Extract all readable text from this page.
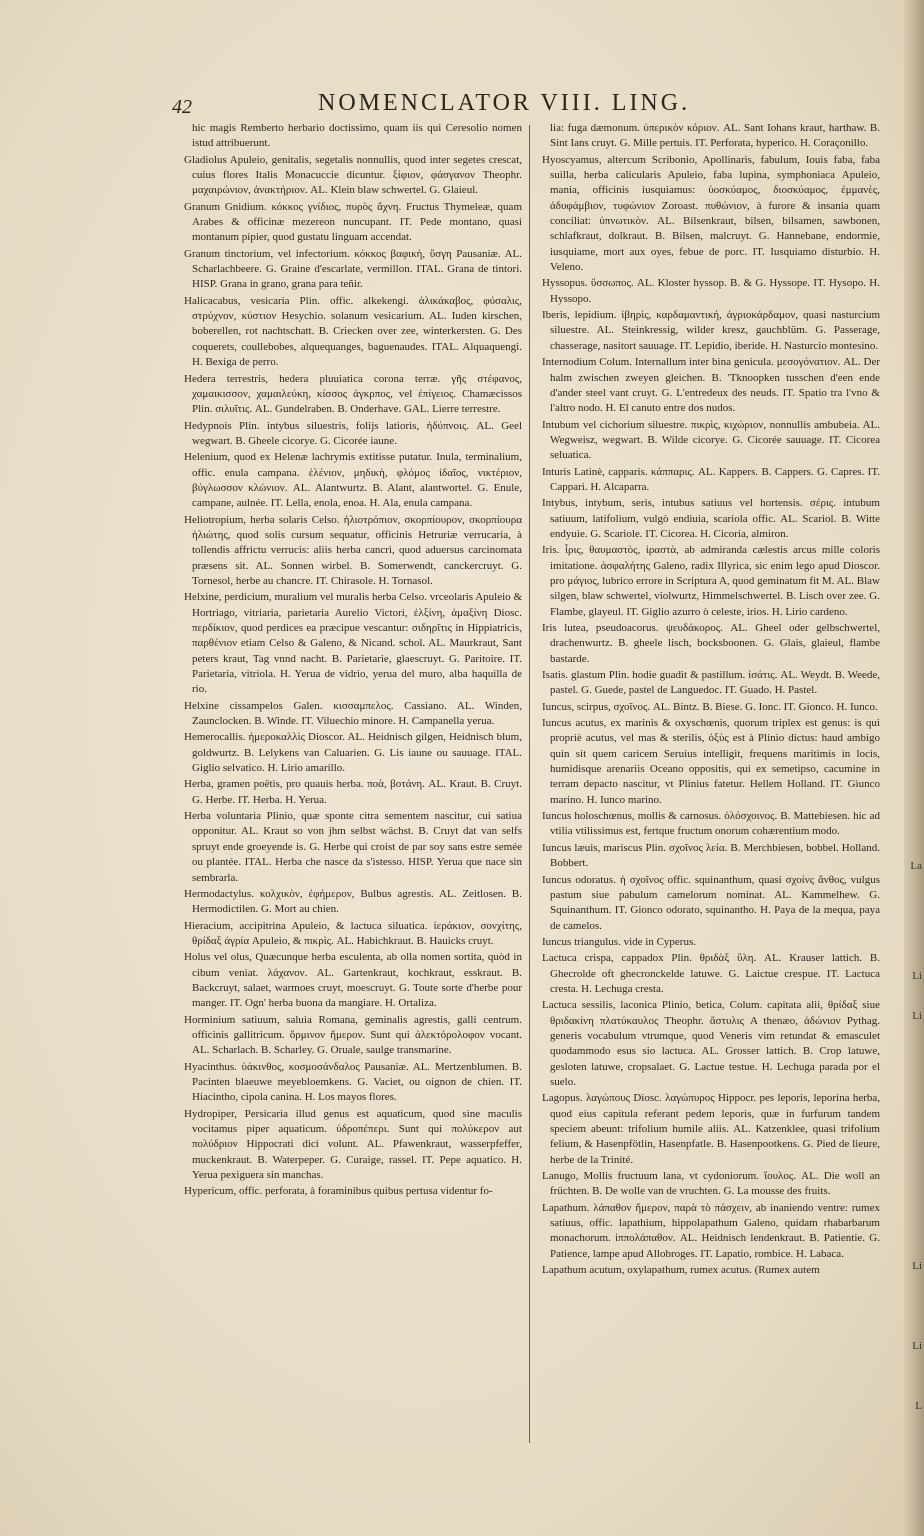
42	NOMENCLATOR VIII. LING.

hic magis Remberto herbario doctissimo, quam iis qui Ceresolio nomen istud attribuerunt.

Gladiolus Apuleio, genitalis, segetalis nonnullis, quod inter segetes crescat, cuius flores Italis Monacuccie dicuntur. ξίφιον, φάσγανον Theophr. μαχαιρώνιον, ἀνακτήριον. AL. Klein blaw schwertel. G. Glaieul.

Granum Gnidium. κόκκος γνίδιος, πυρὸς ἄχνη. Fructus Thymeleæ, quam Arabes & officinæ mezereon nuncupant. IT. Pede montano, quasi montanum pipier, quod gustatu linguam accendat.

Granum tinctorium, vel infectorium. κόκκος βαφικὴ, ὕσγη Pausaniæ. AL. Scharlachbeere. G. Graine d'escarlate, vermillon. ITAL. Grana de tintori. HISP. Grana in grano, grana para teñir.

Halicacabus, vesicaria Plin. offic. alkekengi. ἁλικάκαβος, φύσαλις, στρύχνον, κύστιον Hesychio. solanum vesicarium. AL. Iuden kirschen, boberellen, rot nachtschatt. B. Criecken over zee, winterkersten. G. Des coquerets, coullebobes, alquequanges, baguenaudes. ITAL. Alquaquengi. H. Bexiga de perro.

Hedera terrestris, hedera pluuiatica corona terræ. γῆς στέφανος, χαμαικισσον, χαμαιλεύκη, κίσσος ἀγκρπος, vel ἐπίγειος. Chamæcissos Plin. σιλυῖτις. AL. Gundelraben. B. Onderhave. GAL. Lierre terrestre.

Hedypnois Plin. intybus siluestris, folijs latioris, ἡδύπνοις. AL. Geel wegwart. B. Gheele cicorye. G. Cicorée iaune.

Helenium, quod ex Helenæ lachrymis extitisse putatur. Inula, terminalium, offic. enula campana. ἑλένιον, μηδικὴ, φλόμος ἰδαῖος, νικτέριον, βύγλωσσον κλώνιον. AL. Alantwurtz. B. Alant, alantwortel. G. Enule, campane, aulnée. IT. Lella, enola, enoa. H. Ala, enula campana.

Heliotropium, herba solaris Celso. ἡλιοτρόπιον, σκορπίουρον, σκορπίουρα ἡλιώτης, quod solis cursum sequatur, officinis Hetruriæ verrucaria, à tollendis affrictu verrucis: aliis herba cancri, quod aduersus carcinomata præsens sit. AL. Sonnen wirbel. B. Somerwendt, canckercruyt. G. Tornesol, herbe au chancre. IT. Chirasole. H. Tornasol.

Helxine, perdicium, muralium vel muralis herba Celso. vrceolaris Apuleio & Hortriago, vitriaria, parietaria Aurelio Victori, ἑλξίνη, ἀμαξίνη Diosc. περδίκιον, quod perdices ea præcipue vescantur: σιδηρῖτις in Hippiatricis, παρθένιον etiam Celso & Galeno, & Nicand. schol. AL. Maurkraut, Sant peters kraut, Tag vnnd nacht. B. Parietarie, glaescruyt. G. Paritoire. IT. Parietaria, vitriola. H. Yerua de vidrio, yerua del muro, alba haquilla de rio.

Helxine cissampelos Galen. κισσαμπελος. Cassiano. AL. Winden, Zaunclocken. B. Winde. IT. Viluechio minore. H. Campanella yerua.

Hemerocallis. ἡμεροκαλλὶς Dioscor. AL. Heidnisch gilgen, Heidnisch blum, goldwurtz. B. Lelykens van Caluarien. G. Lis iaune ou sauuage. ITAL. Giglio selvatico. H. Lirio amarillo.

Herba, gramen poëtis, pro quauis herba. ποὰ, βοτάνη. AL. Kraut. B. Cruyt. G. Herbe. IT. Herba. H. Yerua.

Herba voluntaria Plinio, quæ sponte citra sementem nascitur, cui satiua opponitur. AL. Kraut so von jhm selbst wächst. B. Cruyt dat van selfs spruyt ende groeyende is. G. Herbe qui croist de par soy sans estre semée ou plantée. ITAL. Herba che nasce da s'istesso. HISP. Yerua que nace sin sembrarla.

Hermodactylus. κολχικὸν, ἐφήμερον, Bulbus agrestis. AL. Zeitlosen. B. Hermodictilen. G. Mort au chien.

Hieracium, accipitrina Apuleio, & lactuca siluatica. ἱεράκιον, σονχίτης, θρίδαξ ἀγρία Apuleio, & πικρὶς. AL. Habichkraut. B. Hauicks cruyt.

Holus vel olus, Quæcunque herba esculenta, ab olla nomen sortita, quòd in cibum veniat. λάχανον. AL. Gartenkraut, kochkraut, esskraut. B. Backcruyt, salaet, warmoes cruyt, moescruyt. G. Toute sorte d'herbe pour manger. IT. Ogn' herba buona da mangiare. H. Ortaliza.

Horminium satiuum, saluia Romana, geminalis agrestis, galli centrum. officinis gallitricum. ὅρμινον ἥμερον. Sunt qui ἀλεκτόρολοφον vocant. AL. Scharlach. B. Scharley. G. Oruale, saulge transmarine.

Hyacinthus. ὑάκινθος, κοσμοσάνδαλος Pausaniæ. AL. Mertzenblumen. B. Pacinten blaeuwe meyebloemkens. G. Vaciet, ou oignon de chien. IT. Hiacintho, cipola canina. H. Los mayos flores.

Hydropiper, Persicaria illud genus est aquaticum, quod sine maculis vocitamus piper aquaticum. ὑδροπέπερι. Sunt qui πολύκερον aut πολύδριον Hippocrati dici volunt. AL. Pfawenkraut, wasserpfeffer, muckenkraut. B. Waterpeper. G. Curaige, rassel. IT. Pepe aquatico. H. Yerua pexiguera sin manchas.

Hypericum, offic. perforata, à foraminibus quibus pertusa videntur fo-

lia: fuga dæmonum. ὑπερικὸν κόριον. AL. Sant Iohans kraut, harthaw. B. Sint Ians cruyt. G. Mille pertuis. IT. Perforata, hyperico. H. Coraçonillo.

Hyoscyamus, altercum Scribonio, Apollinaris, fabulum, Iouis faba, faba suilla, herba calicularis Apuleio, faba lupina, symphoniaca Apuleio, mania, officinis iusquiamus: ὑοσκύαμος, διοσκύαμος, ἐμμανὲς, ἀδυφάμβιον, τυφώνιον Zoroast. πυθώνιον, à furore & insania quam conciliat: ὑπνωτικὸν. AL. Bilsenkraut, bilsen, bilsamen, sawbonen, schlafkraut, dolkraut. B. Bilsen, malcruyt. G. Hannebane, endormie, iusquiame, mort aux oyes, febue de porc. IT. Iusquiamo disturbio. H. Veleno.

Hyssopus. ὕσσωπος. AL. Kloster hyssop. B. & G. Hyssope. IT. Hysopo. H. Hyssopo.

Iberis, lepidium. ἰβηρὶς, καρδαμαντική, ἀγριοκάρδαμον, quasi nasturcium siluestre. AL. Steinkressig, wilder kresz, gauchblüm. G. Passerage, chasserage, nasitort sauuage. IT. Lepidio, iberide. H. Nasturcio montesino.

Internodium Colum. Internallum inter bina genicula. μεσογόνατιον. AL. Der halm zwischen zweyen gleichen. B. 'Tknoopken tusschen d'een ende d'ander steel vant cruyt. G. L'entredeux des neuds. IT. Spatio tra l'vno & l'altro nodo. H. El canuto entre dos nudos.

Intubum vel cichorium siluestre. πικρὶς, κιχώριον, nonnullis ambubeia. AL. Wegweisz, wegwart. B. Wilde cicorye. G. Cicorée sauuage. IT. Cicorea seluatica.

Inturis Latinè, capparis. κάππαρις. AL. Kappers. B. Cappers. G. Capres. IT. Cappari. H. Alcaparra.

Intybus, intybum, seris, intubus satiuus vel hortensis. σέρις. intubum satiuum, latifolium, vulgò endiuia, scariola offic. AL. Scariol. B. Witte endyuie. G. Scariole. IT. Cicorea. H. Cicoria, almiron.

Iris. ἶρις, θαυμαστὸς, ἱραστὰ, ab admiranda cælestis arcus mille coloris imitatione. ἀσφαλήτης Galeno, radix Illyrica, sic enim lego apud Dioscor. pro μάγιος, lubrico errore in Scriptura A, quod geminatum fit M. AL. Blaw silgen, blaw schwertel, violwurtz, Himmelschwertel. B. Lisch over zee. G. Flambe, glayeul. IT. Giglio azurro ò celeste, irios. H. Lirio cardeno.

Iris lutea, pseudoacorus. ψευδάκορος. AL. Gheel oder gelbschwertel, drachenwurtz. B. gheele lisch, bocksboonen. G. Glais, glaieul, flambe bastarde.

Isatis. glastum Plin. hodie guadit & pastillum. ἰσάτις. AL. Weydt. B. Weede, pastel. G. Guede, pastel de Languedoc. IT. Guado. H. Pastel.

Iuncus, scirpus, σχοῖνος. AL. Bintz. B. Biese. G. Ionc. IT. Gionco. H. Iunco.

Iuncus acutus, ex marinis & oxyschœnis, quorum triplex est genus: is qui propriè acutus, vel mas & sterilis, ὀξὺς est à Plinio dictus: haud ambigo quin sit quem caricem Seruius intelligit, frequens maritimis in locis, humidisque arenariis Oceano oppositis, qui ex semetipso, cacumine in terram depacto nascitur, vt Plinius fatetur. Hellem Holland. IT. Giunco marino. H. Iunco marino.

Iuncus holoschœnus, mollis & carnosus. ὁλόσχοινος. B. Mattebiesen. hic ad vtilia vtilissimus est, fertque fructum onorum cohærentium modo.

Iuncus læuis, mariscus Plin. σχοῖνος λεία. B. Merchbiesen, bobbel. Holland. Bobbert.

Iuncus odoratus. ἡ σχοῖνος offic. squinanthum, quasi σχοίνς ἄνθος, vulgus pastum siue pabulum camelorum nominat. AL. Kammelhew. G. Squinanthum. IT. Gionco odorato, squinantho. H. Paya de la mequa, paya de camelos.

Iuncus triangulus. vide in Cyperus.

Lactuca crispa, cappadox Plin. θριδὰξ ὕλη. AL. Krauser lattich. B. Ghecrolde oft ghecronckelde latuwe. G. Laictue crespue. IT. Lactuca cresta. H. Lechuga cresta.

Lactuca sessilis, laconica Plinio, betica, Colum. capitata alii, θρίδαξ siue θριδακίνη πλατύκαυλος Theophr. ἄστυλις A thenæo, ἀδώνιον Pythag. generis vocabulum vtrumque, quod Veneris vim retundat & emasculet quodammodo esus sio lactuca. AL. Grosser lattich. B. Crop latuwe, gesloten latuwe, cropsalaet. G. Lactue testue. H. Lechuga parada por el suelo.

Lagopus. λαγώπους Diosc. λαγώπυρος Hippocr. pes leporis, leporina herba, quod eius capitula referant pedem leporis, quæ in furfurum tandem speciem abeunt: trifolium humile aliis. AL. Katzenklee, quasi trifolium felium, & Hasenpfötlin, Hasenpfatle. B. Hasenpootkens. G. Pied de lieure, herbe de la Trinité.

Lanugo, Mollis fructuum lana, vt cydoniorum. ἴουλος. AL. Die woll an früchten. B. De wolle van de vruchten. G. La mousse des fruits.

Lapathum. λάπαθον ἥμερον, παρὰ τὸ πάσχειν, ab inaniendo ventre: rumex satiuus, offic. lapathium, hippolapathum Galeno, quidam rhabarbarum monachorum. ἱππολάπαθον. AL. Heidnisch lendenkraut. B. Patientie. G. Patience, lampe apud Allobroges. IT. Lapatio, rombice. H. Labaca.

Lapathum acutum, oxylapathum, rumex acutus. (Rumex autem

La
Li
Li
Li
Li
L
